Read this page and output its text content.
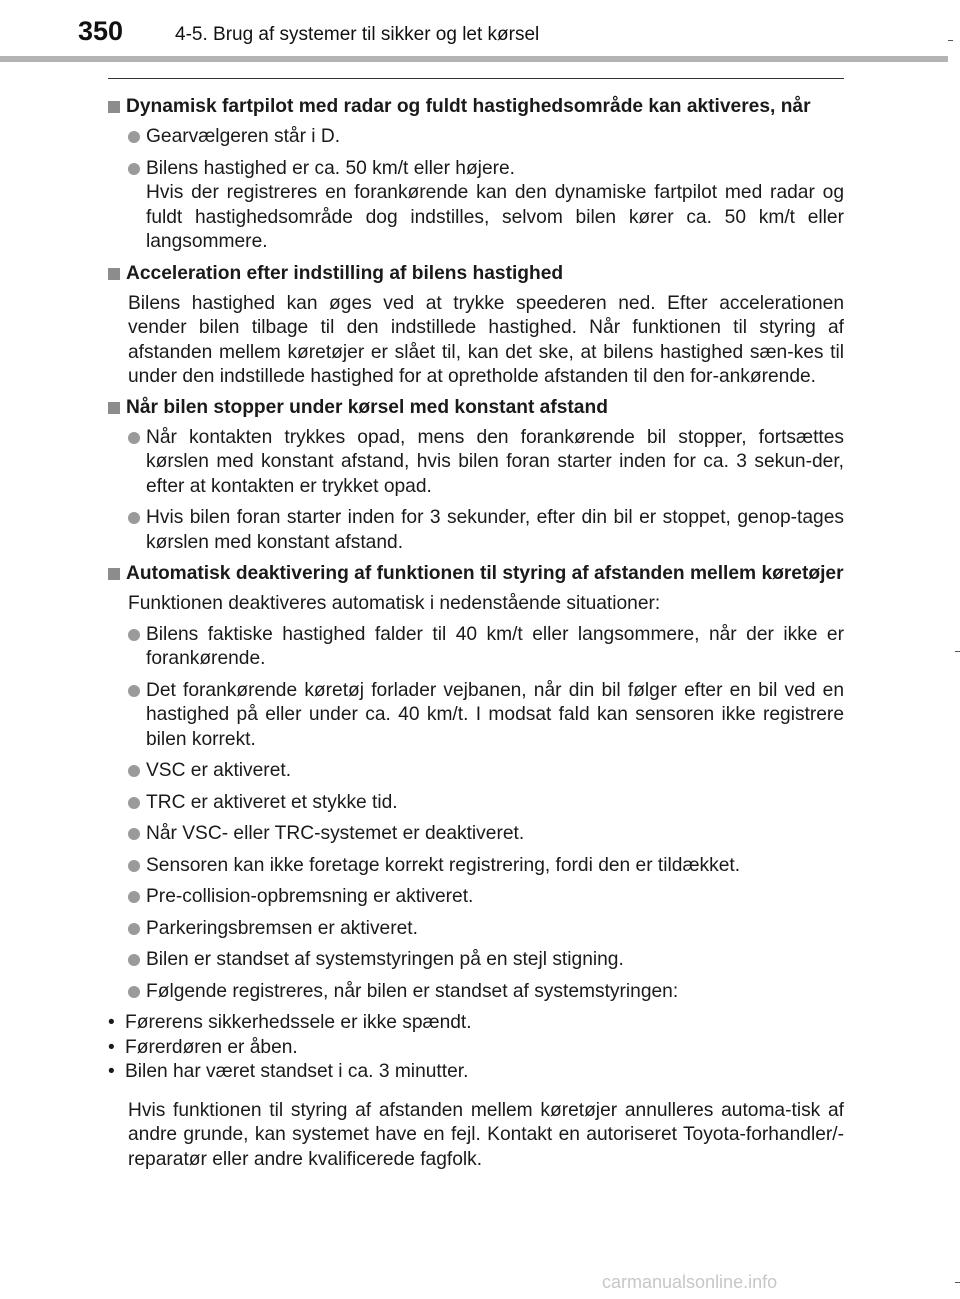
350	4-5. Brug af systemer til sikker og let kørsel
Dynamisk fartpilot med radar og fuldt hastighedsområde kan aktiveres, når
Gearvælgeren står i D.
Bilens hastighed er ca. 50 km/t eller højere.
Hvis der registreres en forankørende kan den dynamiske fartpilot med radar og fuldt hastighedsområde dog indstilles, selvom bilen kører ca. 50 km/t eller langsommere.
Acceleration efter indstilling af bilens hastighed

Bilens hastighed kan øges ved at trykke speederen ned. Efter accelerationen vender bilen tilbage til den indstillede hastighed. Når funktionen til styring af afstanden mellem køretøjer er slået til, kan det ske, at bilens hastighed sæn-kes til under den indstillede hastighed for at opretholde afstanden til den for-ankørende.

Når bilen stopper under kørsel med konstant afstand
Når kontakten trykkes opad, mens den forankørende bil stopper, fortsættes kørslen med konstant afstand, hvis bilen foran starter inden for ca. 3 sekun-der, efter at kontakten er trykket opad.
Hvis bilen foran starter inden for 3 sekunder, efter din bil er stoppet, genop-tages kørslen med konstant afstand.
Automatisk deaktivering af funktionen til styring af afstanden mellem køretøjer

Funktionen deaktiveres automatisk i nedenstående situationer:

Bilens faktiske hastighed falder til 40 km/t eller langsommere, når der ikke er forankørende.
Det forankørende køretøj forlader vejbanen, når din bil følger efter en bil ved en hastighed på eller under ca. 40 km/t. I modsat fald kan sensoren ikke registrere bilen korrekt.
VSC er aktiveret.
TRC er aktiveret et stykke tid.
Når VSC- eller TRC-systemet er deaktiveret.
Sensoren kan ikke foretage korrekt registrering, fordi den er tildækket.
Pre-collision-opbremsning er aktiveret.
Parkeringsbremsen er aktiveret.
Bilen er standset af systemstyringen på en stejl stigning.
Følgende registreres, når bilen er standset af systemstyringen:
• Førerens sikkerhedssele er ikke spændt.
• Førerdøren er åben.
• Bilen har været standset i ca. 3 minutter.

Hvis funktionen til styring af afstanden mellem køretøjer annulleres automa-tisk af andre grunde, kan systemet have en fejl. Kontakt en autoriseret Toyota-forhandler/-reparatør eller andre kvalificerede fagfolk.

carmanualsonline.info
